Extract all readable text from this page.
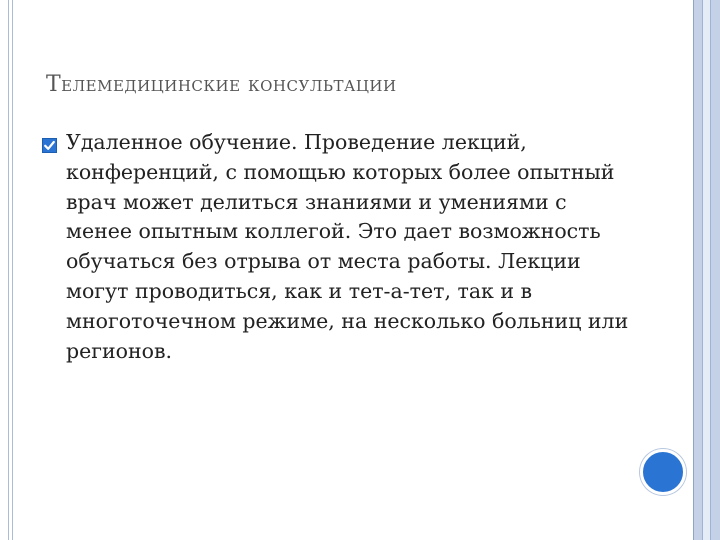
Телемедицинские консультации
Удаленное обучение. Проведение лекций,
конференций, с помощью которых более опытный
врач может делиться знаниями и умениями с
менее опытным коллегой. Это дает возможность
обучаться без отрыва от места работы. Лекции
могут проводиться, как и тет-а-тет, так и в
многоточечном режиме, на несколько больниц или
регионов.
